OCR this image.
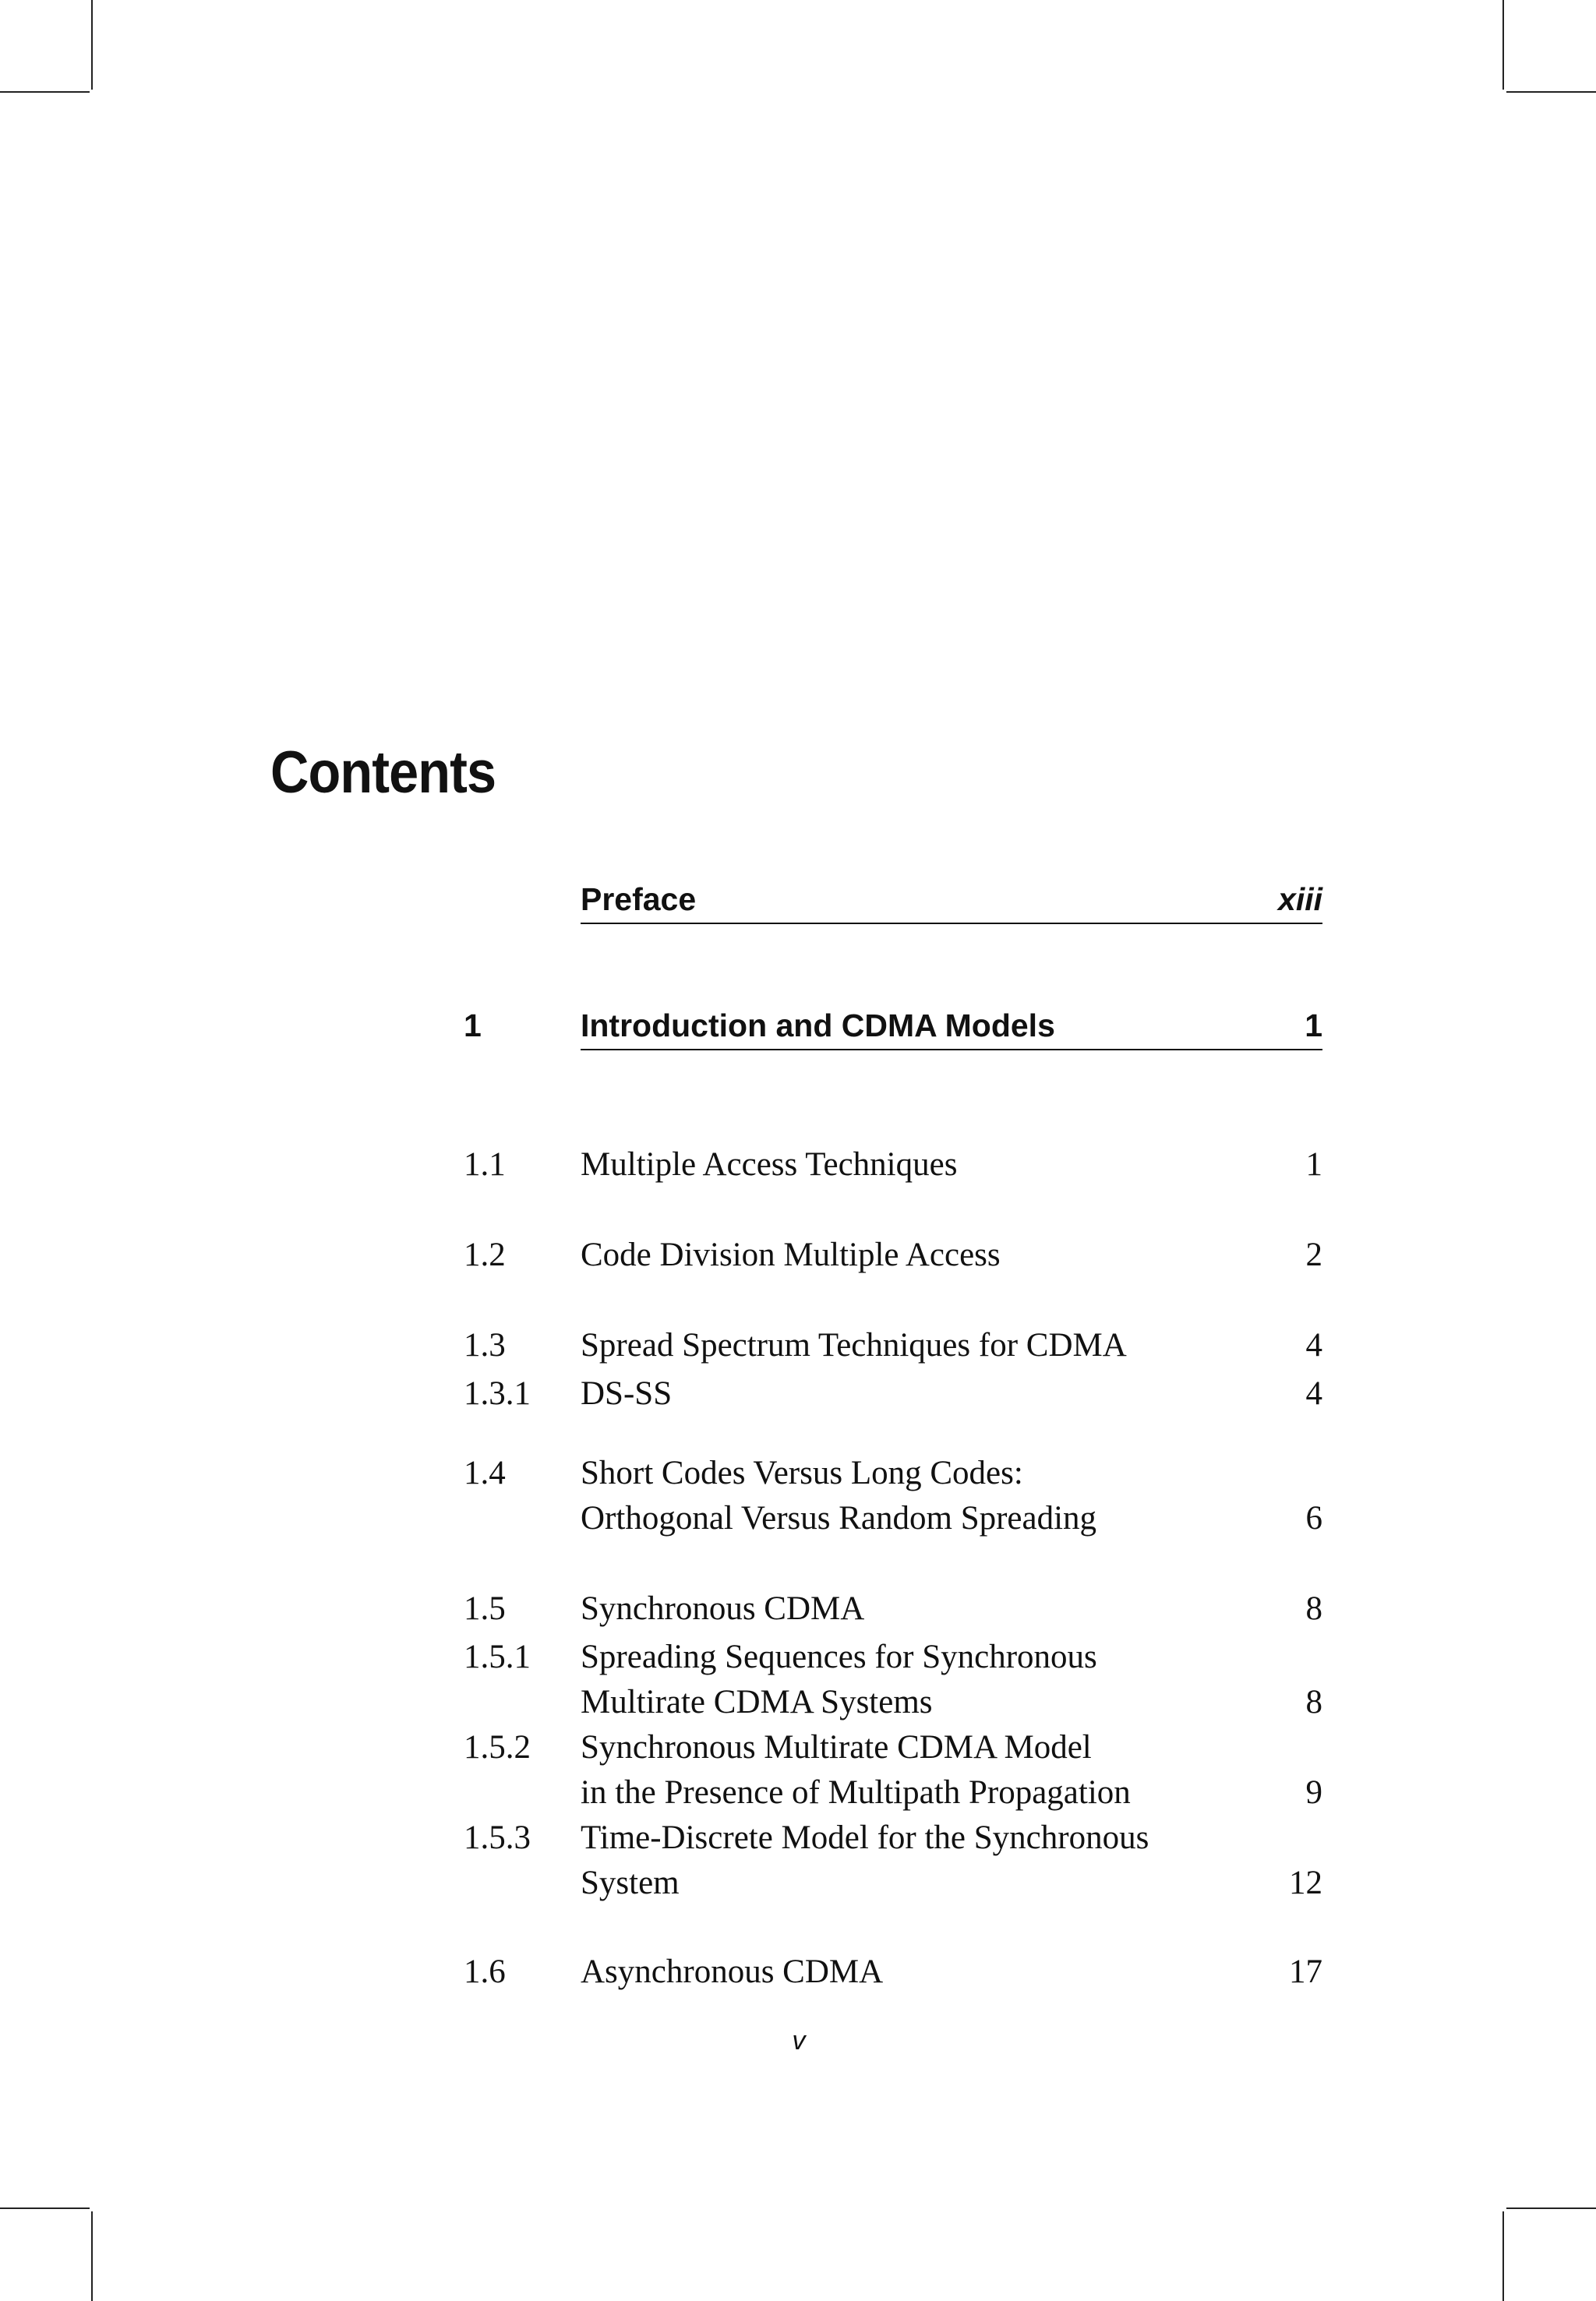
Contents
Preface	xiii
1	Introduction and CDMA Models	1
1.1 Multiple Access Techniques	1
1.2 Code Division Multiple Access	2
1.3 Spread Spectrum Techniques for CDMA	4
1.3.1 DS-SS	4
1.4 Short Codes Versus Long Codes:
Orthogonal Versus Random Spreading	6
1.5 Synchronous CDMA	8
1.5.1 Spreading Sequences for Synchronous
Multirate CDMA Systems	8
1.5.2 Synchronous Multirate CDMA Model
in the Presence of Multipath Propagation	9
1.5.3 Time-Discrete Model for the Synchronous
System	12
1.6 Asynchronous CDMA	17
v
